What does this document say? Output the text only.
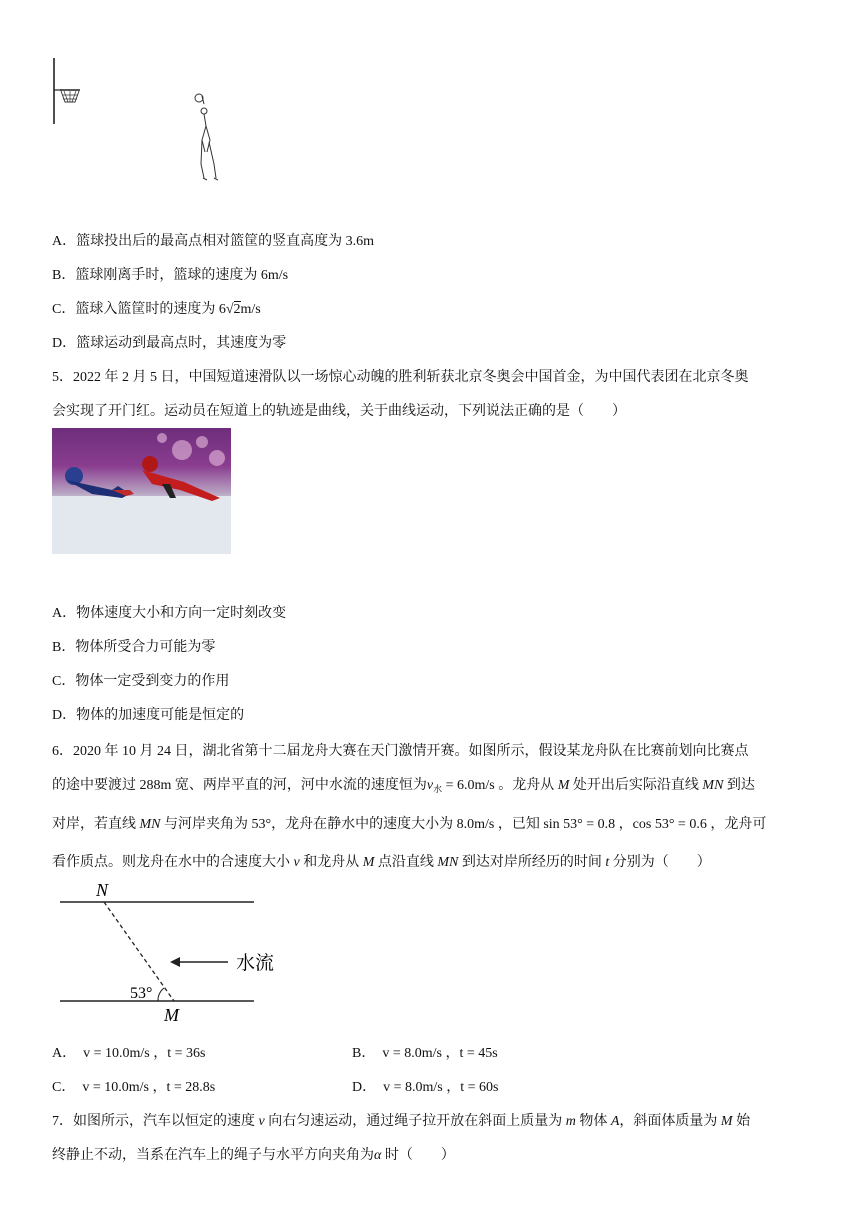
A．篮球投出后的最高点相对篮筐的竖直高度为 3.6m
B．篮球刚离手时，篮球的速度为 6m/s
C．篮球入篮筐时的速度为 6√2m/s
D．篮球运动到最高点时，其速度为零
5．2022 年 2 月 5 日，中国短道速滑队以一场惊心动魄的胜利斩获北京冬奥会中国首金，为中国代表团在北京冬奥
会实现了开门红。运动员在短道上的轨迹是曲线，关于曲线运动，下列说法正确的是（　　）
A．物体速度大小和方向一定时刻改变
B．物体所受合力可能为零
C．物体一定受到变力的作用
D．物体的加速度可能是恒定的
6．2020 年 10 月 24 日，湖北省第十二届龙舟大赛在天门激情开赛。如图所示，假设某龙舟队在比赛前划向比赛点
的途中要渡过 288m 宽、两岸平直的河，河中水流的速度恒为$v_水 = 6.0m/s$ 。龙舟从 M 处开出后实际沿直线 MN 到达
对岸，若直线 MN 与河岸夹角为 53°，龙舟在静水中的速度大小为 8.0m/s ，已知 sin 53° = 0.8 ，cos 53° = 0.6 ，龙舟可
看作质点。则龙舟在水中的合速度大小 v 和龙舟从 M 点沿直线 MN 到达对岸所经历的时间 t 分别为（　　）
N
M
53°
水流
A．　v = 10.0m/s ，t = 36s	B．　v = 8.0m/s ，t = 45s
C．　v = 10.0m/s ，t = 28.8s	D．　v = 8.0m/s ，t = 60s
7．如图所示，汽车以恒定的速度 v 向右匀速运动，通过绳子拉开放在斜面上质量为 m 物体 A，斜面体质量为 M 始
终静止不动，当系在汽车上的绳子与水平方向夹角为α 时（　　）
